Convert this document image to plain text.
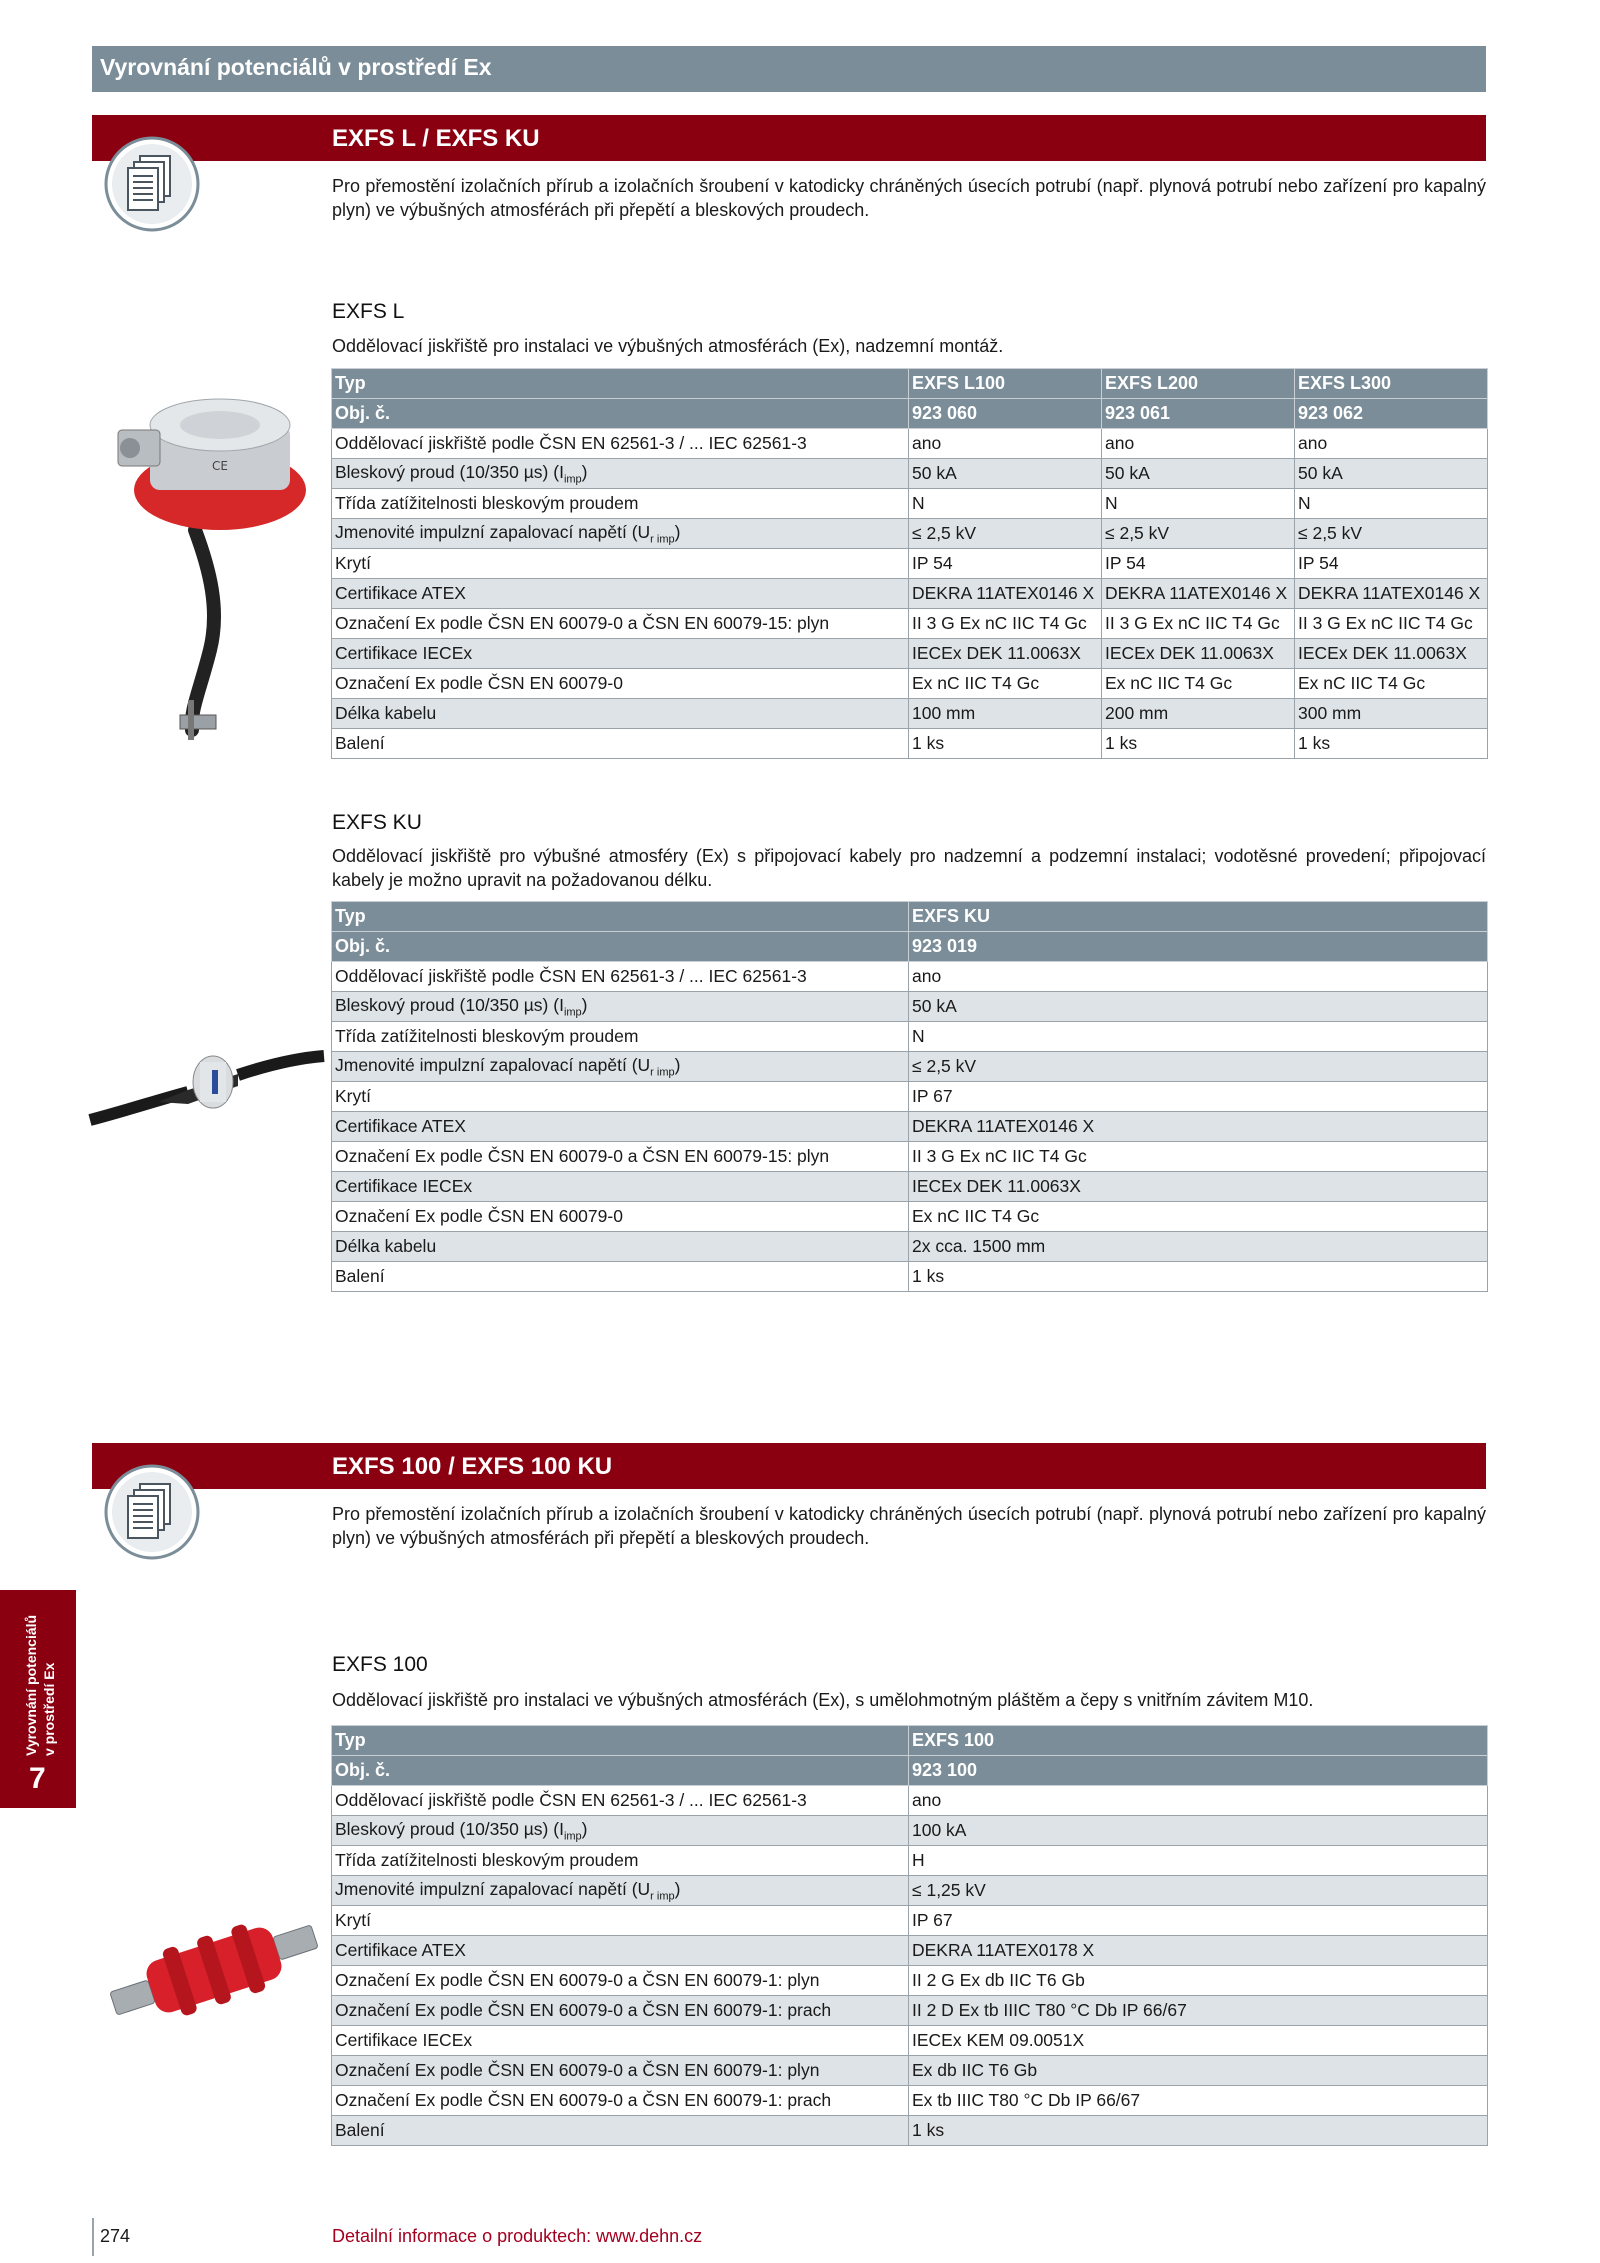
Vyrovnání potenciálů v prostředí Ex
EXFS L / EXFS KU
Pro přemostění izolačních přírub a izolačních šroubení v katodicky chráněných úsecích potrubí (např. plynová potrubí nebo zařízení pro kapalný plyn) ve výbušných atmosférách při přepětí a bleskových proudech.
EXFS L
Oddělovací jiskřiště pro instalaci ve výbušných atmosférách (Ex), nadzemní montáž.
CE
Typ	EXFS L100	EXFS L200	EXFS L300
Obj. č.	923 060	923 061	923 062
Oddělovací jiskřiště podle ČSN EN 62561-3 / ... IEC 62561-3	ano	ano	ano
Bleskový proud (10/350 µs) $(I_{imp})$	50 kA	50 kA	50 kA
Třída zatížitelnosti bleskovým proudem	N	N	N
Jmenovité impulzní zapalovací napětí $(U_{r imp})$	≤ 2,5 kV	≤ 2,5 kV	≤ 2,5 kV
Krytí	IP 54	IP 54	IP 54
Certifikace ATEX	DEKRA 11ATEX0146 X	DEKRA 11ATEX0146 X	DEKRA 11ATEX0146 X
Označení Ex podle ČSN EN 60079-0 a ČSN EN 60079-15: plyn	II 3 G Ex nC IIC T4 Gc	II 3 G Ex nC IIC T4 Gc	II 3 G Ex nC IIC T4 Gc
Certifikace IECEx	IECEx DEK 11.0063X	IECEx DEK 11.0063X	IECEx DEK 11.0063X
Označení Ex podle ČSN EN 60079-0	Ex nC IIC T4 Gc	Ex nC IIC T4 Gc	Ex nC IIC T4 Gc
Délka kabelu	100 mm	200 mm	300 mm
Balení	1 ks	1 ks	1 ks
EXFS KU
Oddělovací jiskřiště pro výbušné atmosféry (Ex) s připojovací kabely pro nadzemní a podzemní instalaci; vodotěsné provedení; připojovací kabely je možno upravit na požadovanou délku.
Typ	EXFS KU
Obj. č.	923 019
Oddělovací jiskřiště podle ČSN EN 62561-3 / ... IEC 62561-3	ano
Bleskový proud (10/350 µs) $(I_{imp})$	50 kA
Třída zatížitelnosti bleskovým proudem	N
Jmenovité impulzní zapalovací napětí $(U_{r imp})$	≤ 2,5 kV
Krytí	IP 67
Certifikace ATEX	DEKRA 11ATEX0146 X
Označení Ex podle ČSN EN 60079-0 a ČSN EN 60079-15: plyn	II 3 G Ex nC IIC T4 Gc
Certifikace IECEx	IECEx DEK 11.0063X
Označení Ex podle ČSN EN 60079-0	Ex nC IIC T4 Gc
Délka kabelu	2x cca. 1500 mm
Balení	1 ks
EXFS 100 / EXFS 100 KU
Pro přemostění izolačních přírub a izolačních šroubení v katodicky chráněných úsecích potrubí (např. plynová potrubí nebo zařízení pro kapalný plyn) ve výbušných atmosférách při přepětí a bleskových proudech.
EXFS 100
Oddělovací jiskřiště pro instalaci ve výbušných atmosférách (Ex), s umělohmotným pláštěm a čepy s vnitřním závitem M10.
Typ	EXFS 100
Obj. č.	923 100
Oddělovací jiskřiště podle ČSN EN 62561-3 / ... IEC 62561-3	ano
Bleskový proud (10/350 µs) $(I_{imp})$	100 kA
Třída zatížitelnosti bleskovým proudem	H
Jmenovité impulzní zapalovací napětí $(U_{r imp})$	≤ 1,25 kV
Krytí	IP 67
Certifikace ATEX	DEKRA 11ATEX0178 X
Označení Ex podle ČSN EN 60079-0 a ČSN EN 60079-1: plyn	II 2 G Ex db IIC T6 Gb
Označení Ex podle ČSN EN 60079-0 a ČSN EN 60079-1: prach	II 2 D Ex tb IIIC T80 °C Db IP 66/67
Certifikace IECEx	IECEx KEM 09.0051X
Označení Ex podle ČSN EN 60079-0 a ČSN EN 60079-1: plyn	Ex db IIC T6 Gb
Označení Ex podle ČSN EN 60079-0 a ČSN EN 60079-1: prach	Ex tb IIIC T80 °C Db IP 66/67
Balení	1 ks
Vyrovnání potenciálů v prostředí Ex
7
274	Detailní informace o produktech: www.dehn.cz
